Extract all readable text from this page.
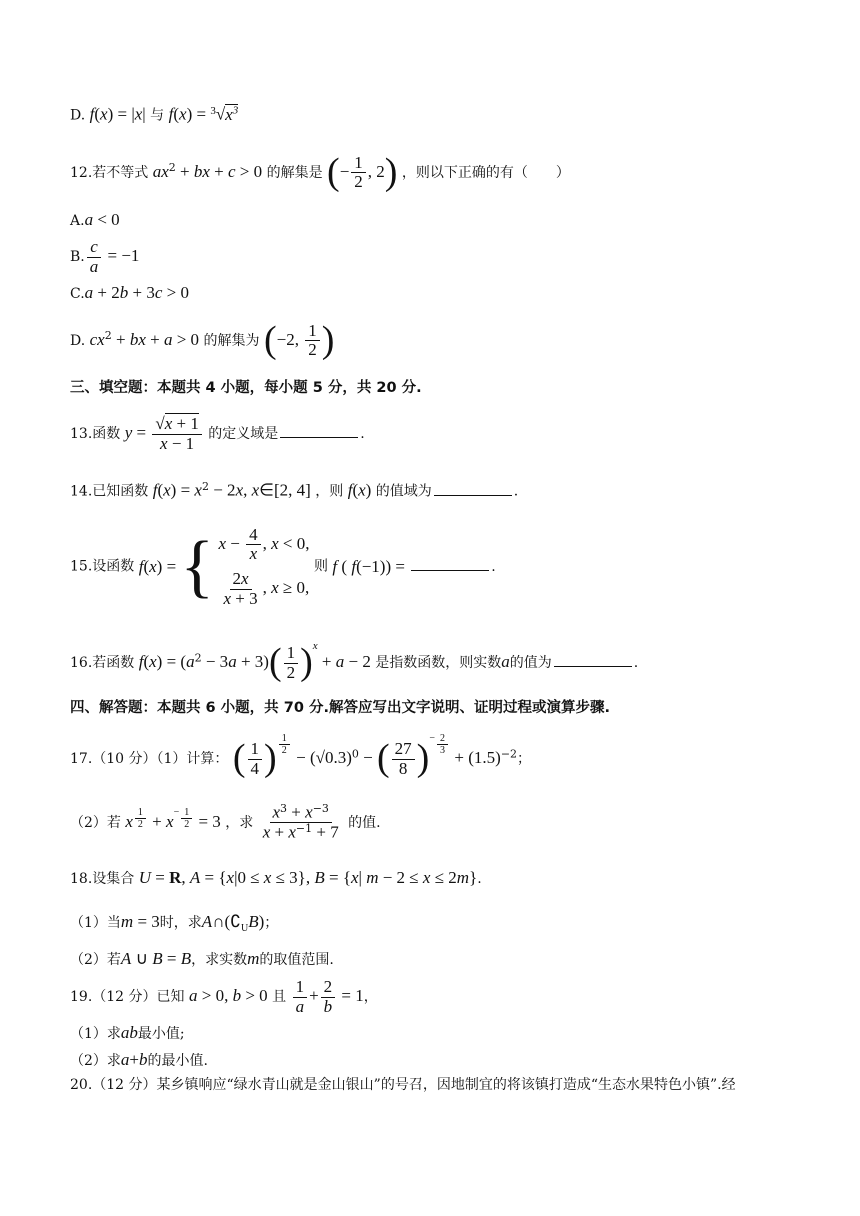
D. f(x) = |x| 与 $f(x) = ^3√x^3$
12.若不等式 $ax^2$ + bx + c > 0 的解集是 (− $\frac{1}{2}$ , 2) ，则以下正确的有（　　）
A.a < 0
B. $\frac{c}{a} = -1$
C.a + 2b + 3c > 0
D. $cx^2$ + bx + a > 0 的解集为 (−2, $\frac{1}{2}$ )
三、填空题：本题共 4 小题，每小题 5 分，共 20 分.
13.函数 $y = \frac{√x + 1}{x - 1}$ 的定义域是	.
14.已知函数 $f(x) = x^2 - 2x$, x∈[2, 4] ，则 f(x) 的值域为	.
15.设函数 f(x) = { $x - \frac{4}{x}$ , x < 0,
$\frac{2x}{x + 3}$ , x ≥ 0,
则 f ( f(−1)) =	.
16.若函数 $f(x) = (a^2 - 3a + 3)( \frac{1}{2} )^x + a - 2$ 是指数函数，则实数a的值为	.
四、解答题：本题共 6 小题，共 70 分.解答应写出文字说明、证明过程或演算步骤.
17.（10 分）（1）计算： ( $\frac{1}{4}$ ) $\frac{1}{2}$
− $(√0.3)^0$ − ( $\frac{27}{8} )^- \frac{2}{3}$
+ $(1.5)^{-2}$；
（2）若 x $\frac{1}{2} + x^- \frac{1}{2} = 3$ ，求 $\frac{x^3 + x^{-3}}{x + x^{-1} + 7}$ 的值.
18.设集合 U = R, A = {x|0 ≤ x ≤ 3}, B = {x| m − 2 ≤ x ≤ 2m}.
（1）当m = 3时，求$A\cap(∁_UB)$；
（2）若A ∪ B = B，求实数m的取值范围.
19.（12 分）已知 a > 0, b > 0 且 $\frac{1}{a} + \frac{2}{b} = 1$，
（1）求ab最小值;
（2）求a+b的最小值.
20.（12 分）某乡镇响应“绿水青山就是金山银山”的号召，因地制宜的将该镇打造成“生态水果特色小镇”.经
